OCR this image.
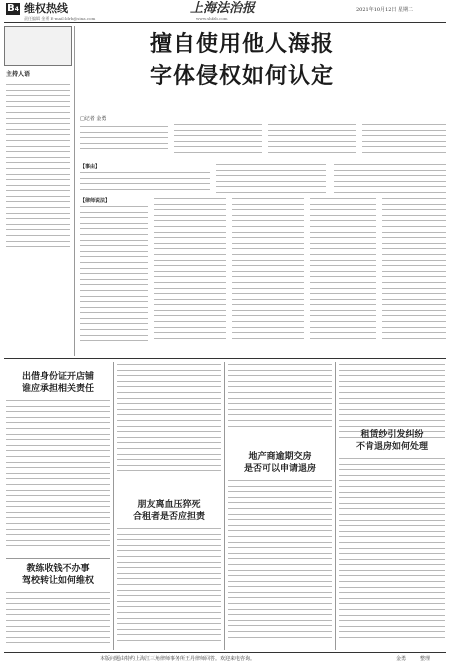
B4 维权热线
责任编辑 金勇 E-mail:ldrb@sina.com
上海法治报
www.shfzb.com
2021年10月12日 星期二
主持人语
擅自使用他人海报
字体侵权如何认定
□记者 金勇
【事由】
【律师说法】
出借身份证开店铺
谁应承担相关责任
教练收钱不办事
驾校转让如何维权
朋友离血压猝死
合租者是否应担责
地产商逾期交房
是否可以申请退房
租赁纱引发纠纷
不肯退房如何处理
本版问题由特约上海江三角律师事务所王丹律师回答。欢迎来电咨询。	金勇	整理
